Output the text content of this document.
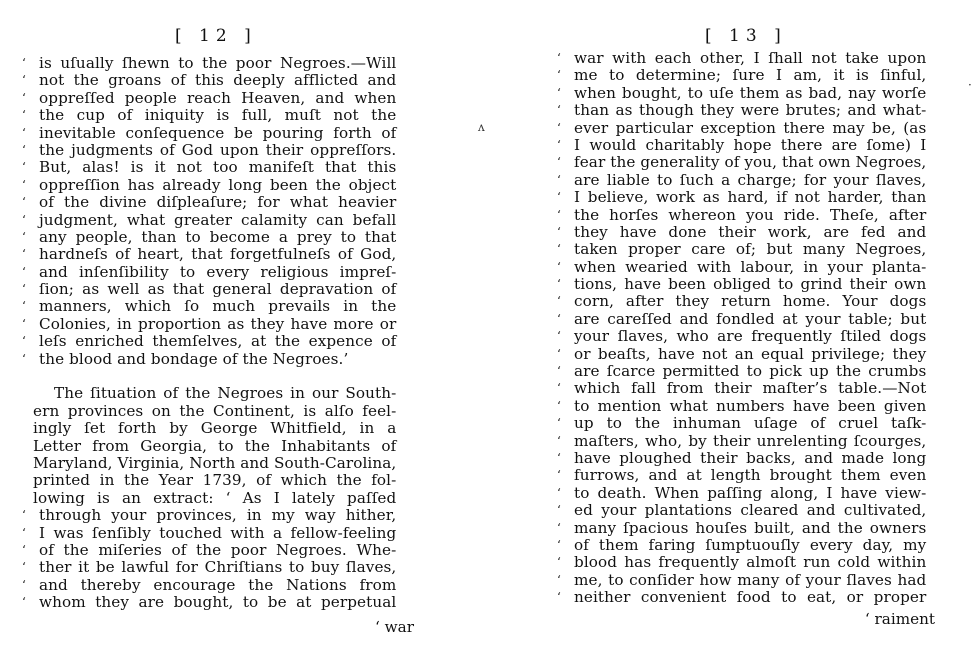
[ 12 ]
‘ is uſually ſhewn to the poor Negroes.—Will
‘ not the groans of this deeply afflicted and
‘ oppreſſed people reach Heaven, and when
‘ the cup of iniquity is full, muſt not the
‘ inevitable conſequence be pouring forth of
‘ the judgments of God upon their oppreſſors.
‘ But, alas! is it not too manifeſt that this
‘ oppreſſion has already long been the object
‘ of the divine diſpleaſure; for what heavier
‘ judgment, what greater calamity can befall
‘ any people, than to become a prey to that
‘ hardneſs of heart, that forgetfulneſs of God,
‘ and inſenſibility to every religious impreſ-
‘ ſion; as well as that general depravation of
‘ manners, which ſo much prevails in the
‘ Colonies, in proportion as they have more or
‘ leſs enriched themſelves, at the expence of
‘ the blood and bondage of the Negroes.’
The ſituation of the Negroes in our South-
ern provinces on the Continent, is alſo feel-
ingly ſet forth by George Whitfield, in a
Letter from Georgia, to the Inhabitants of
Maryland, Virginia, North and South-Carolina,
printed in the Year 1739, of which the fol-
lowing is an extract: ‘ As I lately paſſed
‘ through your provinces, in my way hither,
‘ I was ſenſibly touched with a fellow-feeling
‘ of the miſeries of the poor Negroes. Whe-
‘ ther it be lawful for Chriſtians to buy ſlaves,
‘ and thereby encourage the Nations from
‘ whom they are bought, to be at perpetual
‘ war
ʌ
·
[ 13 ]
‘ war with each other, I ſhall not take upon
‘ me to determine; ſure I am, it is ſinful,
‘ when bought, to uſe them as bad, nay worſe
‘ than as though they were brutes; and what-
‘ ever particular exception there may be, (as
‘ I would charitably hope there are ſome) I
‘ fear the generality of you, that own Negroes,
‘ are liable to ſuch a charge; for your ſlaves,
‘ I believe, work as hard, if not harder, than
‘ the horſes whereon you ride. Theſe, after
‘ they have done their work, are fed and
‘ taken proper care of; but many Negroes,
‘ when wearied with labour, in your planta-
‘ tions, have been obliged to grind their own
‘ corn, after they return home. Your dogs
‘ are careſſed and fondled at your table; but
‘ your ſlaves, who are frequently ſtiled dogs
‘ or beaſts, have not an equal privilege; they
‘ are ſcarce permitted to pick up the crumbs
‘ which fall from their maſter’s table.—Not
‘ to mention what numbers have been given
‘ up to the inhuman uſage of cruel taſk-
‘ maſters, who, by their unrelenting ſcourges,
‘ have ploughed their backs, and made long
‘ furrows, and at length brought them even
‘ to death. When paſſing along, I have view-
‘ ed your plantations cleared and cultivated,
‘ many ſpacious houſes built, and the owners
‘ of them faring ſumptuouſly every day, my
‘ blood has frequently almoſt run cold within
‘ me, to conſider how many of your ſlaves had
‘ neither convenient food to eat, or proper
‘ raiment
